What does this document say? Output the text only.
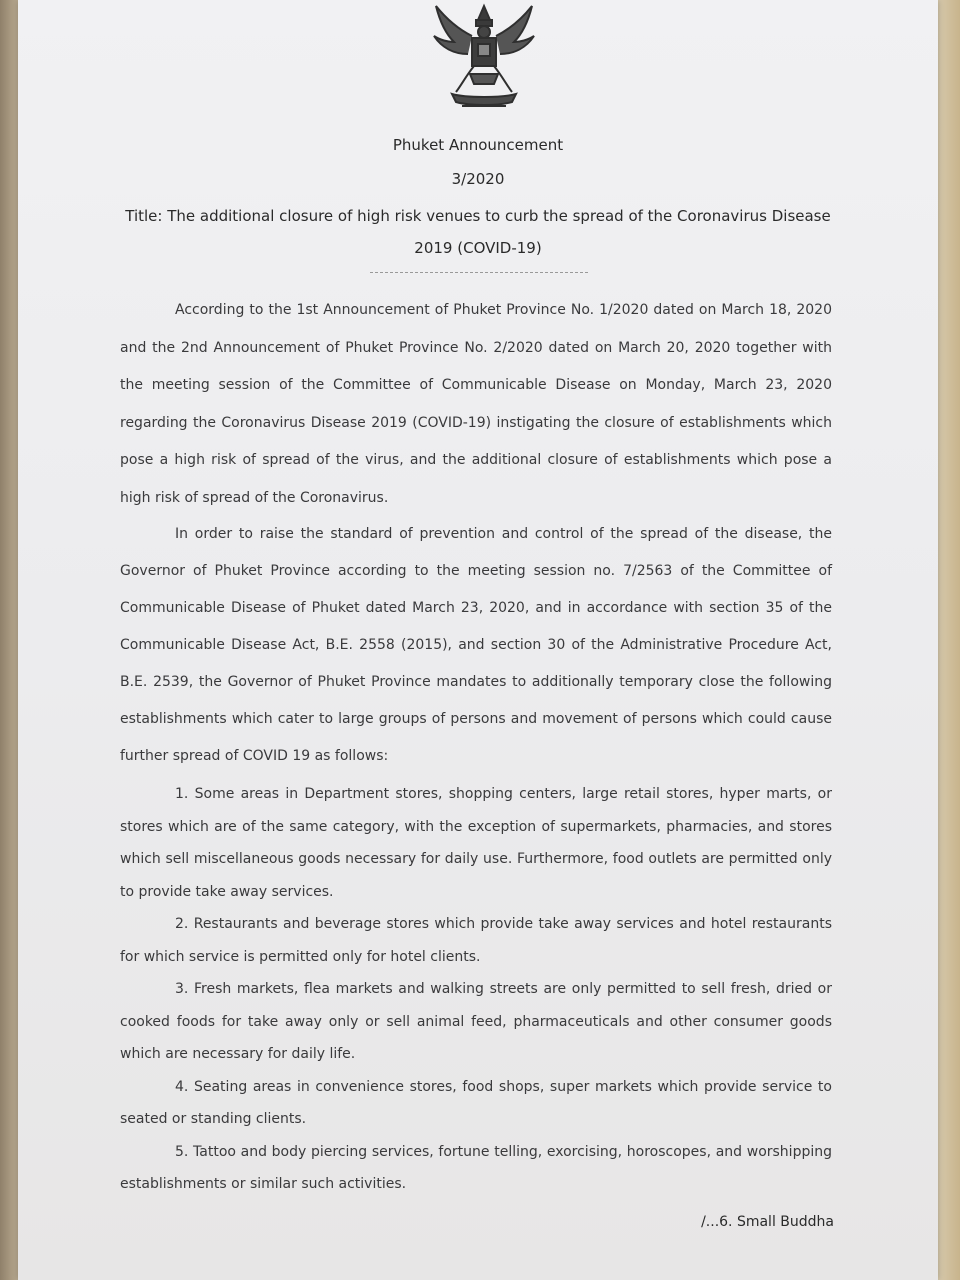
Phuket Announcement
3/2020
Title: The additional closure of high risk venues to curb the spread of the Coronavirus Disease 2019 (COVID-19)

According to the 1st Announcement of Phuket Province No. 1/2020 dated on March 18, 2020 and the 2nd Announcement of Phuket Province No. 2/2020 dated on March 20, 2020 together with the meeting session of the Committee of Communicable Disease on Monday, March 23, 2020 regarding the Coronavirus Disease 2019 (COVID-19) instigating the closure of establishments which pose a high risk of spread of the virus, and the additional closure of establishments which pose a high risk of spread of the Coronavirus.

In order to raise the standard of prevention and control of the spread of the disease, the Governor of Phuket Province according to the meeting session no. 7/2563 of the Committee of Communicable Disease of Phuket dated March 23, 2020, and in accordance with section 35 of the Communicable Disease Act, B.E. 2558 (2015), and section 30 of the Administrative Procedure Act, B.E. 2539, the Governor of Phuket Province mandates to additionally temporary close the following establishments which cater to large groups of persons and movement of persons which could cause further spread of COVID 19 as follows:

1. Some areas in Department stores, shopping centers, large retail stores, hyper marts, or stores which are of the same category, with the exception of supermarkets, pharmacies, and stores which sell miscellaneous goods necessary for daily use. Furthermore, food outlets are permitted only to provide take away services.

2. Restaurants and beverage stores which provide take away services and hotel restaurants for which service is permitted only for hotel clients.

3. Fresh markets, flea markets and walking streets are only permitted to sell fresh, dried or cooked foods for take away only or sell animal feed, pharmaceuticals and other consumer goods which are necessary for daily life.

4. Seating areas in convenience stores, food shops, super markets which provide service to seated or standing clients.

5. Tattoo and body piercing services, fortune telling, exorcising, horoscopes, and worshipping establishments or similar such activities.

/...6. Small Buddha
